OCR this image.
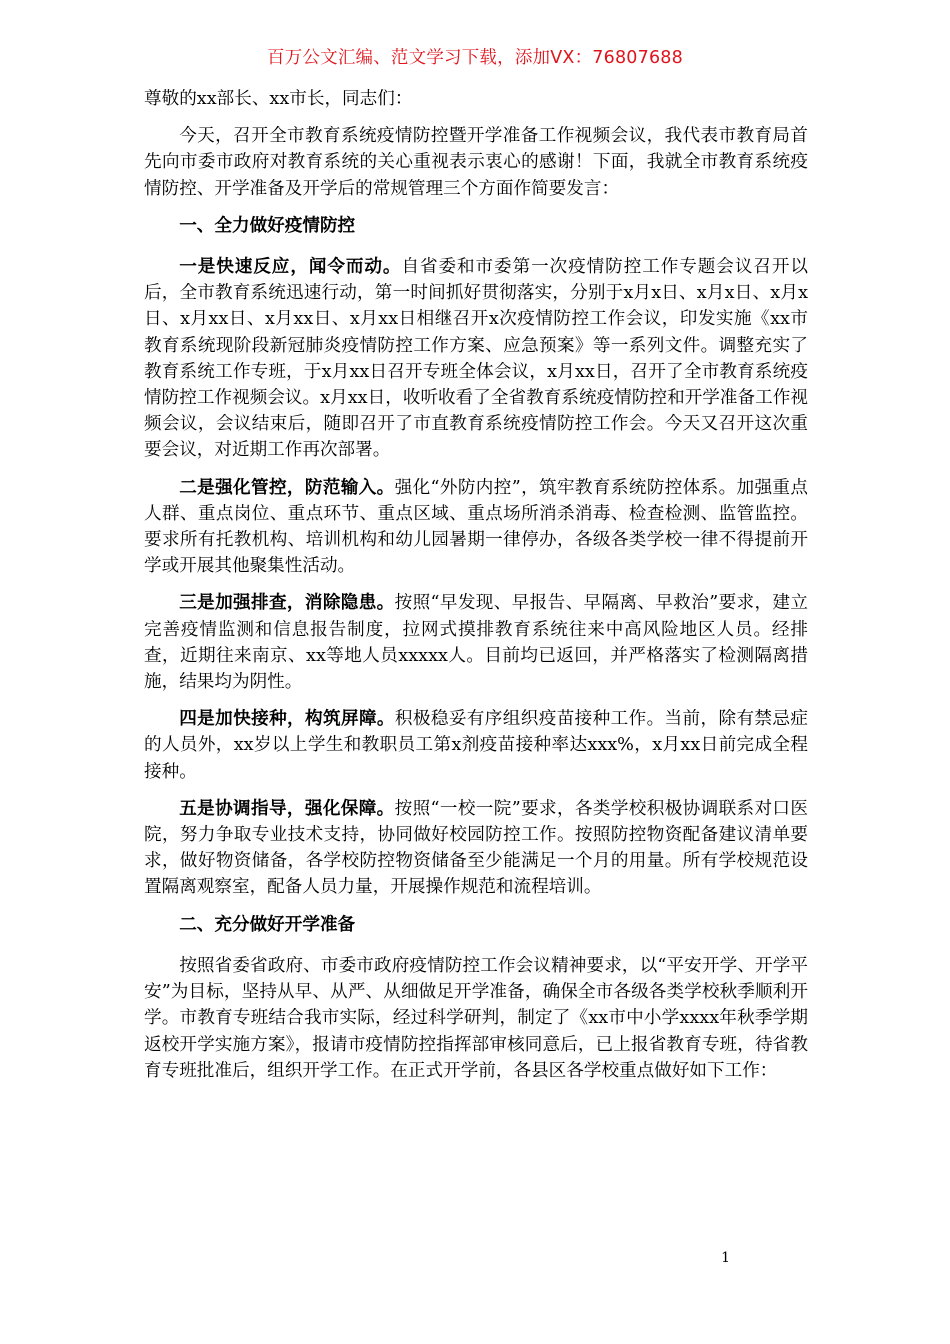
百万公文汇编、范文学习下载，添加VX：76807688

尊敬的xx部长、xx市长，同志们：

今天，召开全市教育系统疫情防控暨开学准备工作视频会议，我代表市教育局首先向市委市政府对教育系统的关心重视表示衷心的感谢！下面，我就全市教育系统疫情防控、开学准备及开学后的常规管理三个方面作简要发言：

一、全力做好疫情防控

一是快速反应，闻令而动。自省委和市委第一次疫情防控工作专题会议召开以后，全市教育系统迅速行动，第一时间抓好贯彻落实，分别于x月x日、x月x日、x月x日、x月xx日、x月xx日、x月xx日相继召开x次疫情防控工作会议，印发实施《xx市教育系统现阶段新冠肺炎疫情防控工作方案、应急预案》等一系列文件。调整充实了教育系统工作专班，于x月xx日召开专班全体会议，x月xx日，召开了全市教育系统疫情防控工作视频会议。x月xx日，收听收看了全省教育系统疫情防控和开学准备工作视频会议，会议结束后，随即召开了市直教育系统疫情防控工作会。今天又召开这次重要会议，对近期工作再次部署。

二是强化管控，防范输入。强化“外防内控”，筑牢教育系统防控体系。加强重点人群、重点岗位、重点环节、重点区域、重点场所消杀消毒、检查检测、监管监控。要求所有托教机构、培训机构和幼儿园暑期一律停办，各级各类学校一律不得提前开学或开展其他聚集性活动。

三是加强排查，消除隐患。按照“早发现、早报告、早隔离、早救治”要求，建立完善疫情监测和信息报告制度，拉网式摸排教育系统往来中高风险地区人员。经排查，近期往来南京、xx等地人员xxxxx人。目前均已返回，并严格落实了检测隔离措施，结果均为阴性。

四是加快接种，构筑屏障。积极稳妥有序组织疫苗接种工作。当前，除有禁忌症的人员外，xx岁以上学生和教职员工第x剂疫苗接种率达xxx%，x月xx日前完成全程接种。

五是协调指导，强化保障。按照“一校一院”要求，各类学校积极协调联系对口医院，努力争取专业技术支持，协同做好校园防控工作。按照防控物资配备建议清单要求，做好物资储备，各学校防控物资储备至少能满足一个月的用量。所有学校规范设置隔离观察室，配备人员力量，开展操作规范和流程培训。

二、充分做好开学准备

按照省委省政府、市委市政府疫情防控工作会议精神要求，以“平安开学、开学平安”为目标，坚持从早、从严、从细做足开学准备，确保全市各级各类学校秋季顺利开学。市教育专班结合我市实际，经过科学研判，制定了《xx市中小学xxxx年秋季学期返校开学实施方案》，报请市疫情防控指挥部审核同意后，已上报省教育专班，待省教育专班批准后，组织开学工作。在正式开学前，各县区各学校重点做好如下工作：

1
